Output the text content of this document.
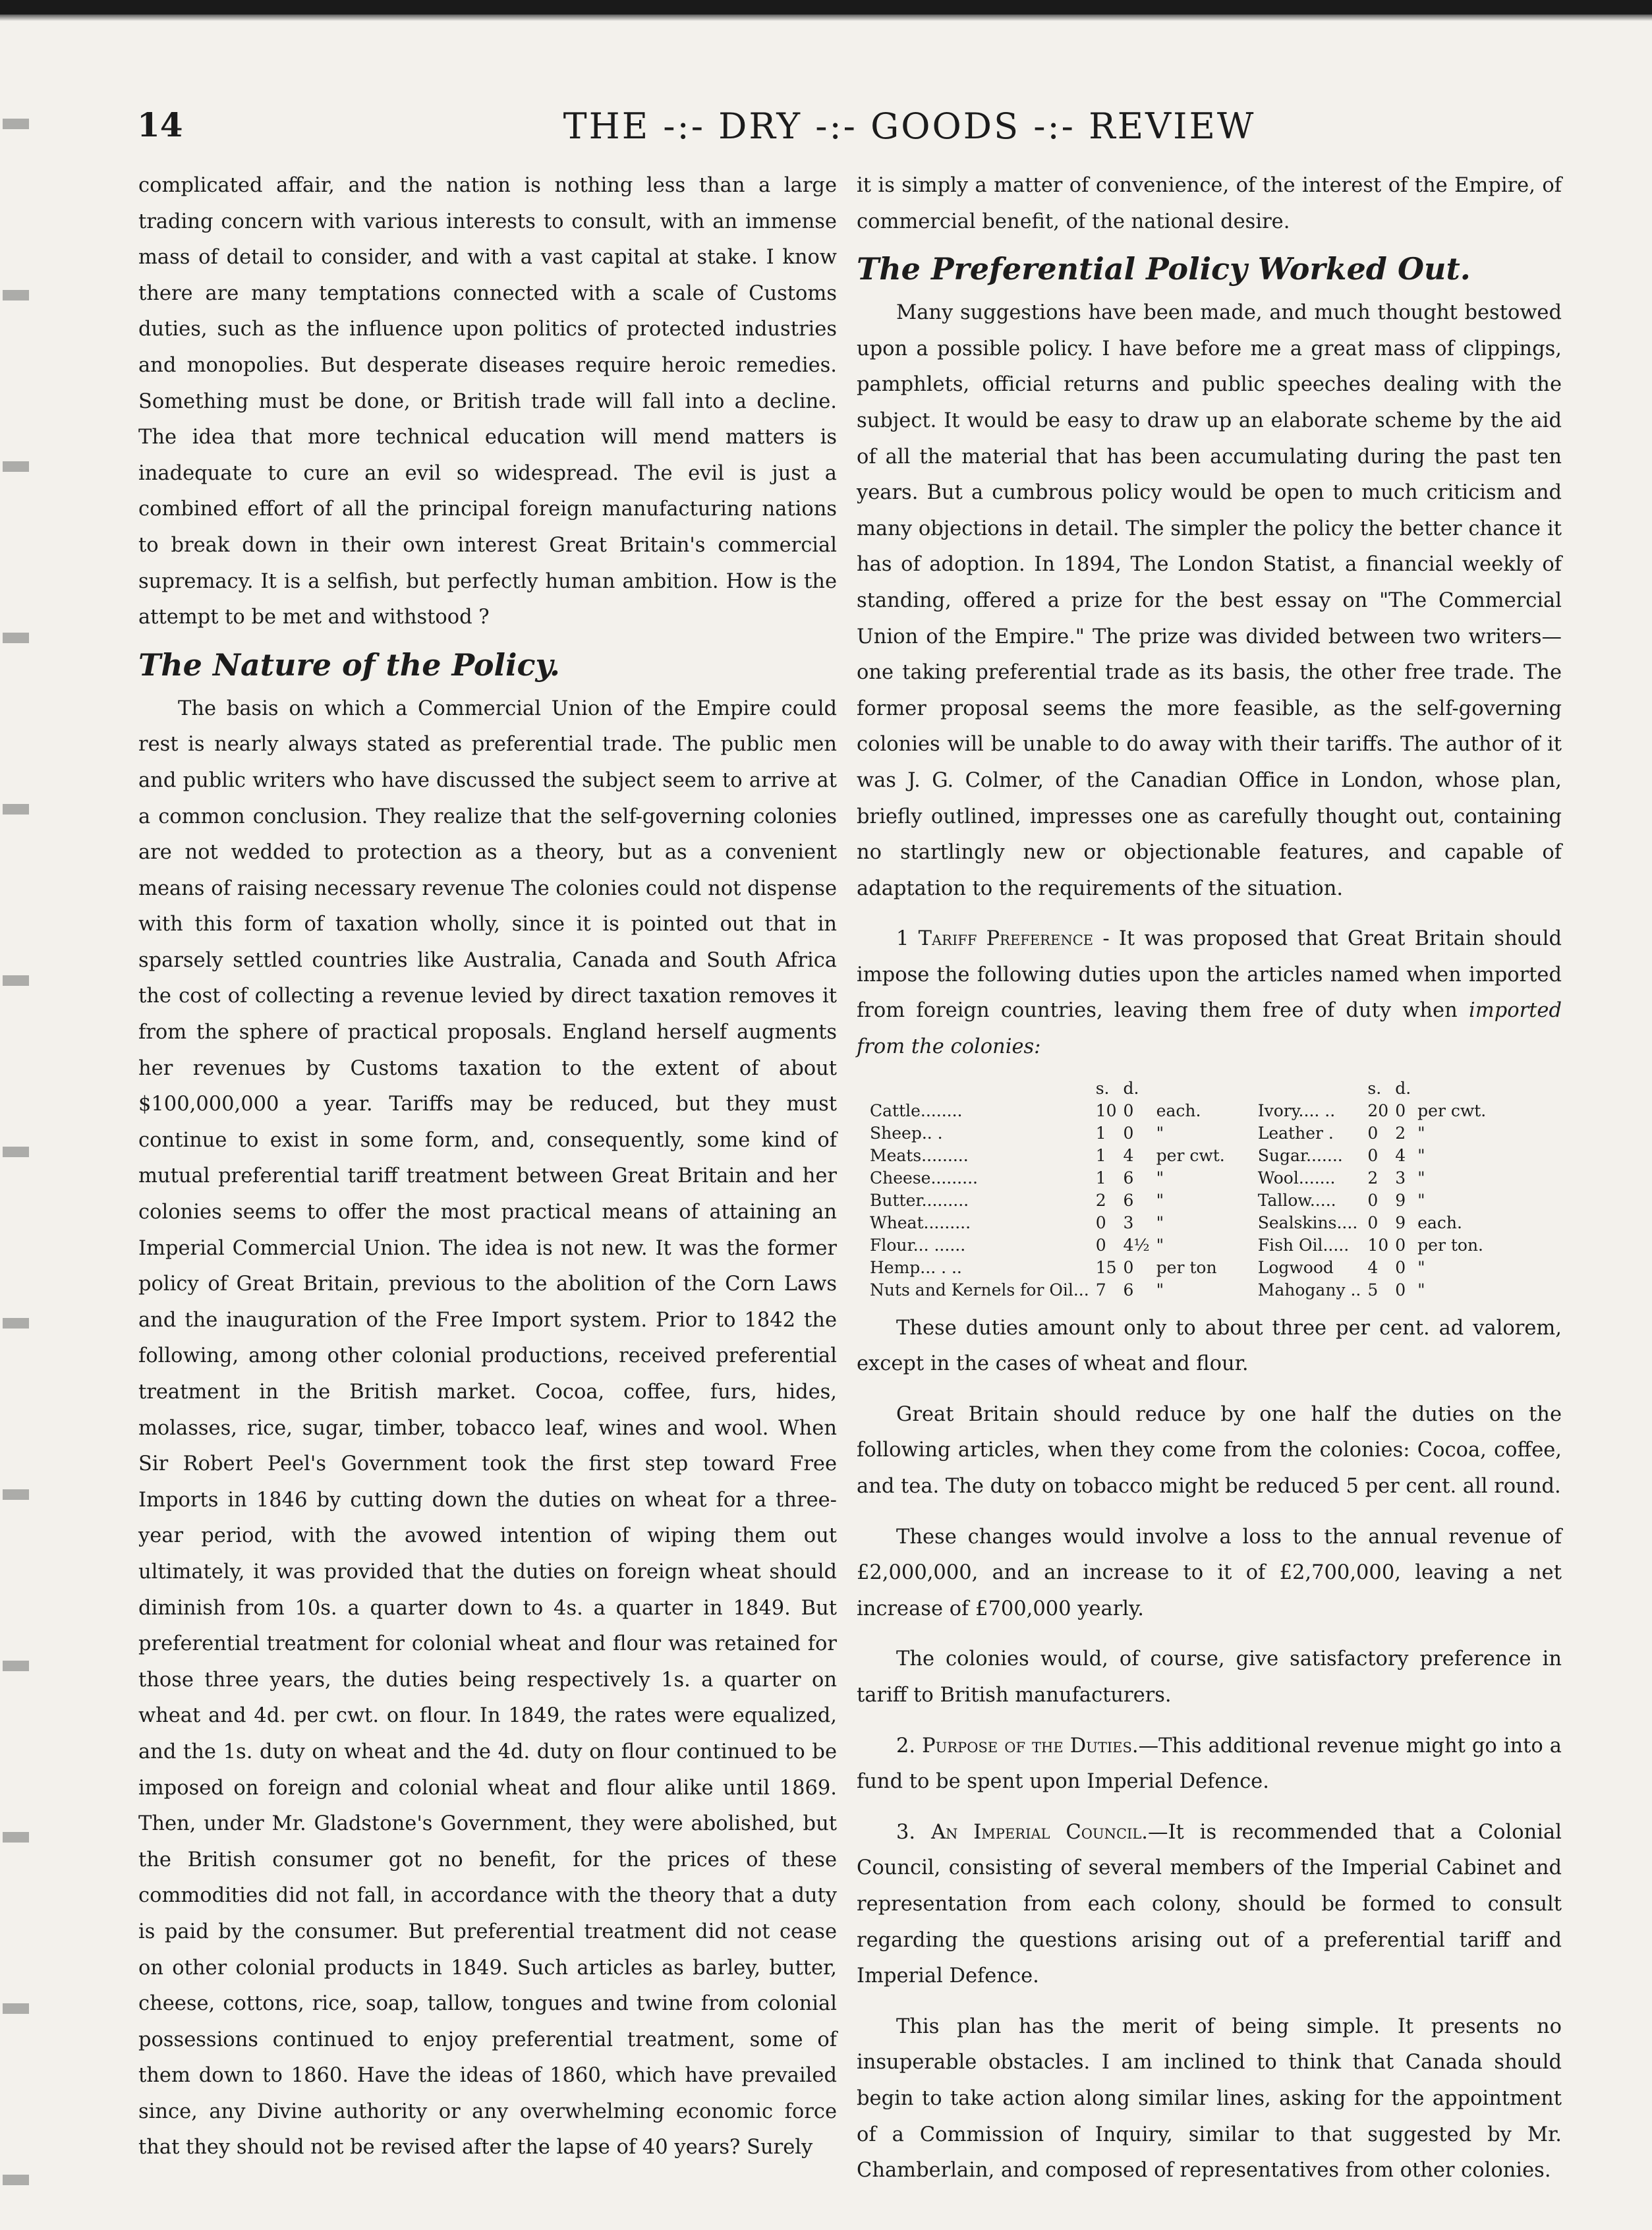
14	THE -:- DRY -:- GOODS -:- REVIEW

complicated affair, and the nation is nothing less than a large trading concern with various interests to consult, with an immense mass of detail to consider, and with a vast capital at stake. I know there are many temptations connected with a scale of Customs duties, such as the influence upon politics of protected industries and monopolies. But desperate diseases require heroic remedies. Something must be done, or British trade will fall into a decline. The idea that more technical education will mend matters is inadequate to cure an evil so widespread. The evil is just a combined effort of all the principal foreign manufacturing nations to break down in their own interest Great Britain's commercial supremacy. It is a selfish, but perfectly human ambition. How is the attempt to be met and withstood ?

The Nature of the Policy.

The basis on which a Commercial Union of the Empire could rest is nearly always stated as preferential trade. The public men and public writers who have discussed the subject seem to arrive at a common conclusion. They realize that the self-governing colonies are not wedded to protection as a theory, but as a convenient means of raising necessary revenue The colonies could not dispense with this form of taxation wholly, since it is pointed out that in sparsely settled countries like Australia, Canada and South Africa the cost of collecting a revenue levied by direct taxation removes it from the sphere of practical proposals. England herself augments her revenues by Customs taxation to the extent of about $100,000,000 a year. Tariffs may be reduced, but they must continue to exist in some form, and, consequently, some kind of mutual preferential tariff treatment between Great Britain and her colonies seems to offer the most practical means of attaining an Imperial Commercial Union. The idea is not new. It was the former policy of Great Britain, previous to the abolition of the Corn Laws and the inauguration of the Free Import system. Prior to 1842 the following, among other colonial productions, received preferential treatment in the British market. Cocoa, coffee, furs, hides, molasses, rice, sugar, timber, tobacco leaf, wines and wool. When Sir Robert Peel's Government took the first step toward Free Imports in 1846 by cutting down the duties on wheat for a three-year period, with the avowed intention of wiping them out ultimately, it was provided that the duties on foreign wheat should diminish from 10s. a quarter down to 4s. a quarter in 1849. But preferential treatment for colonial wheat and flour was retained for those three years, the duties being respectively 1s. a quarter on wheat and 4d. per cwt. on flour. In 1849, the rates were equalized, and the 1s. duty on wheat and the 4d. duty on flour continued to be imposed on foreign and colonial wheat and flour alike until 1869. Then, under Mr. Gladstone's Government, they were abolished, but the British consumer got no benefit, for the prices of these commodities did not fall, in accordance with the theory that a duty is paid by the consumer. But preferential treatment did not cease on other colonial products in 1849. Such articles as barley, butter, cheese, cottons, rice, soap, tallow, tongues and twine from colonial possessions continued to enjoy preferential treatment, some of them down to 1860. Have the ideas of 1860, which have prevailed since, any Divine authority or any overwhelming economic force that they should not be revised after the lapse of 40 years? Surely

it is simply a matter of convenience, of the interest of the Empire, of commercial benefit, of the national desire.

The Preferential Policy Worked Out.

Many suggestions have been made, and much thought bestowed upon a possible policy. I have before me a great mass of clippings, pamphlets, official returns and public speeches dealing with the subject. It would be easy to draw up an elaborate scheme by the aid of all the material that has been accumulating during the past ten years. But a cumbrous policy would be open to much criticism and many objections in detail. The simpler the policy the better chance it has of adoption. In 1894, The London Statist, a financial weekly of standing, offered a prize for the best essay on "The Commercial Union of the Empire." The prize was divided between two writers—one taking preferential trade as its basis, the other free trade. The former proposal seems the more feasible, as the self-governing colonies will be unable to do away with their tariffs. The author of it was J. G. Colmer, of the Canadian Office in London, whose plan, briefly outlined, impresses one as carefully thought out, containing no startlingly new or objectionable features, and capable of adaptation to the requirements of the situation.

1 Tariff Preference - It was proposed that Great Britain should impose the following duties upon the articles named when imported from foreign countries, leaving them free of duty when imported from the colonies:

	s.	d.			s.	d.	
Cattle........	10	0	each.	Ivory.... ..	20	0	per cwt.
Sheep.. .	1	0	"	Leather .	0	2	"
Meats.........	1	4	per cwt.	Sugar.......	0	4	"
Cheese.........	1	6	"	Wool.......	2	3	"
Butter.........	2	6	"	Tallow.....	0	9	"
Wheat.........	0	3	"	Sealskins....	0	9	each.
Flour... ......	0	4½	"	Fish Oil.....	10	0	per ton.
Hemp... . ..	15	0	per ton	Logwood	4	0	"
Nuts and Kernels for Oil...	7	6	"	Mahogany ..	5	0	"

These duties amount only to about three per cent. ad valorem, except in the cases of wheat and flour.

Great Britain should reduce by one half the duties on the following articles, when they come from the colonies: Cocoa, coffee, and tea. The duty on tobacco might be reduced 5 per cent. all round.

These changes would involve a loss to the annual revenue of £2,000,000, and an increase to it of £2,700,000, leaving a net increase of £700,000 yearly.

The colonies would, of course, give satisfactory preference in tariff to British manufacturers.

2. Purpose of the Duties.—This additional revenue might go into a fund to be spent upon Imperial Defence.

3. An Imperial Council.—It is recommended that a Colonial Council, consisting of several members of the Imperial Cabinet and representation from each colony, should be formed to consult regarding the questions arising out of a preferential tariff and Imperial Defence.

This plan has the merit of being simple. It presents no insuperable obstacles. I am inclined to think that Canada should begin to take action along similar lines, asking for the appointment of a Commission of Inquiry, similar to that suggested by Mr. Chamberlain, and composed of representatives from other colonies.
